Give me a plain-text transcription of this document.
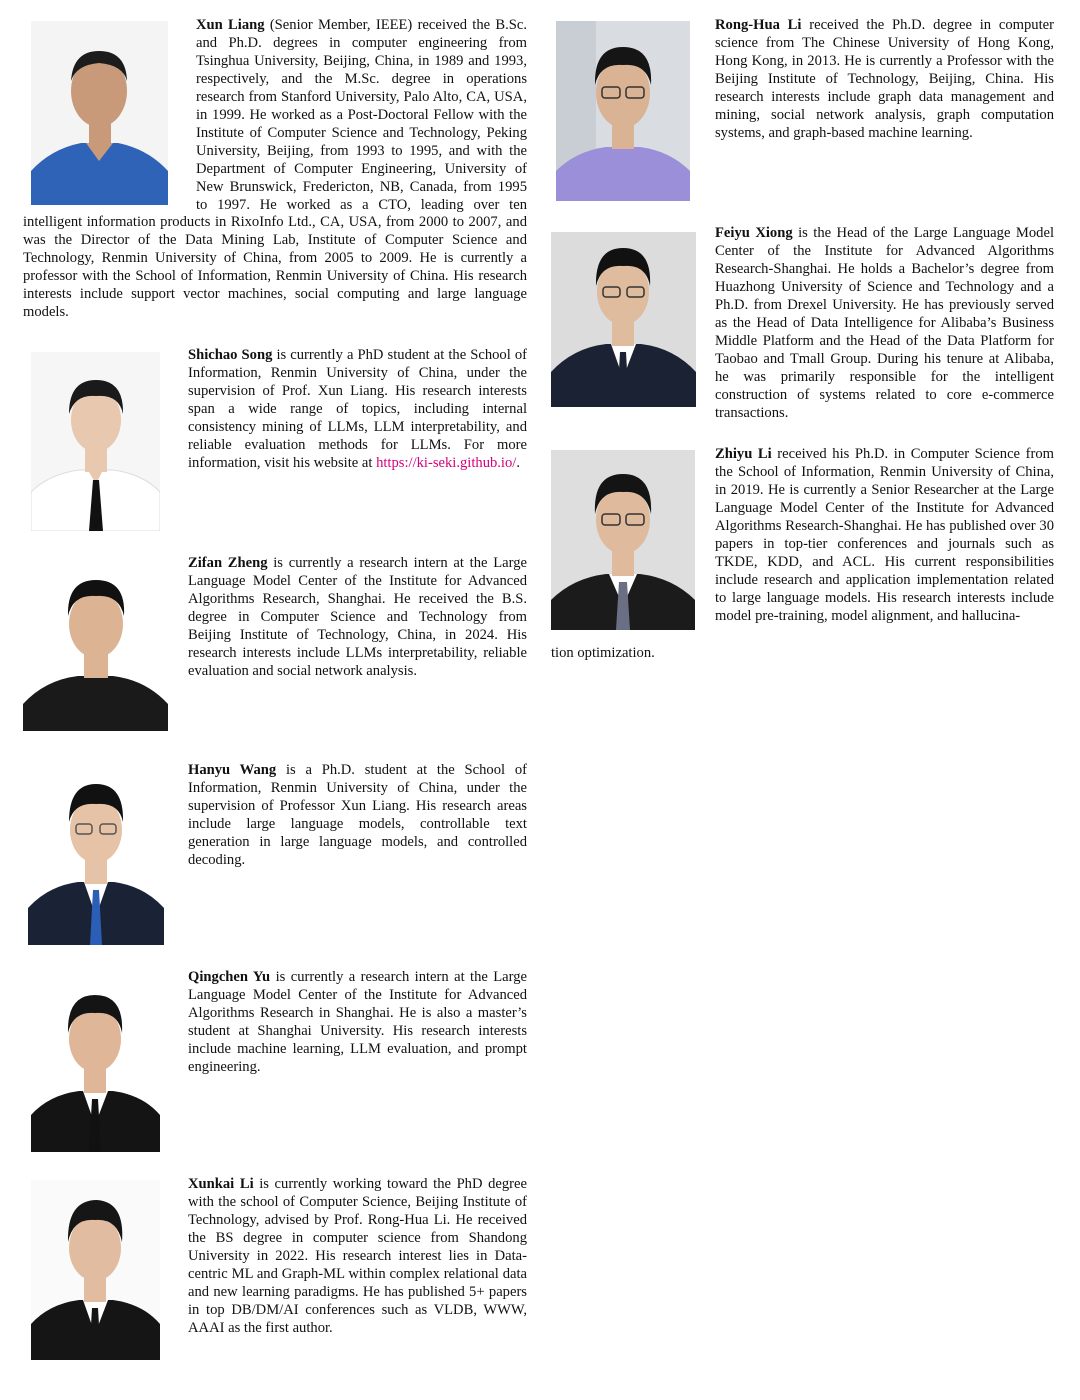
Xun Liang (Senior Member, IEEE) received the B.Sc. and Ph.D. degrees in computer engineering from Tsinghua University, Beijing, China, in 1989 and 1993, respectively, and the M.Sc. degree in operations research from Stanford University, Palo Alto, CA, USA, in 1999. He worked as a Post-Doctoral Fellow with the Institute of Computer Science and Technology, Peking University, Beijing, from 1993 to 1995, and with the Department of Computer Engineering, University of New Brunswick, Fredericton, NB, Canada, from 1995 to 1997. He worked as a CTO, leading over ten intelligent information products in RixoInfo Ltd., CA, USA, from 2000 to 2007, and was the Director of the Data Mining Lab, Institute of Computer Science and Technology, Renmin University of China, from 2005 to 2009. He is currently a professor with the School of Information, Renmin University of China. His research interests include support vector machines, social computing and large language models.
Shichao Song is currently a PhD student at the School of Information, Renmin University of China, under the supervision of Prof. Xun Liang. His research interests span a wide range of topics, including internal consistency mining of LLMs, LLM interpretability, and reliable evaluation methods for LLMs. For more information, visit his website at https://ki-seki.github.io/.
Zifan Zheng is currently a research intern at the Large Language Model Center of the Institute for Advanced Algorithms Research, Shanghai. He received the B.S. degree in Computer Science and Technology from Beijing Institute of Technology, China, in 2024. His research interests include LLMs interpretability, reliable evaluation and social network analysis.
Hanyu Wang is a Ph.D. student at the School of Information, Renmin University of China, under the supervision of Professor Xun Liang. His research areas include large language models, controllable text generation in large language models, and controlled decoding.
Qingchen Yu is currently a research intern at the Large Language Model Center of the Institute for Advanced Algorithms Research in Shanghai. He is also a master’s student at Shanghai University. His research interests include machine learning, LLM evaluation, and prompt engineering.
Xunkai Li is currently working toward the PhD degree with the school of Computer Science, Beijing Institute of Technology, advised by Prof. Rong-Hua Li. He received the BS degree in computer science from Shandong University in 2022. His research interest lies in Data-centric ML and Graph-ML within complex relational data and new learning paradigms. He has published 5+ papers in top DB/DM/AI conferences such as VLDB, WWW, AAAI as the first author.
Rong-Hua Li received the Ph.D. degree in computer science from The Chinese University of Hong Kong, Hong Kong, in 2013. He is currently a Professor with the Beijing Institute of Technology, Beijing, China. His research interests include graph data management and mining, social network analysis, graph computation systems, and graph-based machine learning.
Feiyu Xiong is the Head of the Large Language Model Center of the Institute for Advanced Algorithms Research-Shanghai. He holds a Bachelor’s degree from Huazhong University of Science and Technology and a Ph.D. from Drexel University. He has previously served as the Head of Data Intelligence for Alibaba’s Business Middle Platform and the Head of the Data Platform for Taobao and Tmall Group. During his tenure at Alibaba, he was primarily responsible for the intelligent construction of systems related to core e-commerce transactions.
Zhiyu Li received his Ph.D. in Computer Science from the School of Information, Renmin University of China, in 2019. He is currently a Senior Researcher at the Large Language Model Center of the Institute for Advanced Algorithms Research-Shanghai. He has published over 30 papers in top-tier conferences and journals such as TKDE, KDD, and ACL. His current responsibilities include research and application implementation related to large language models. His research interests include model pre-training, model alignment, and hallucina-
tion optimization.
